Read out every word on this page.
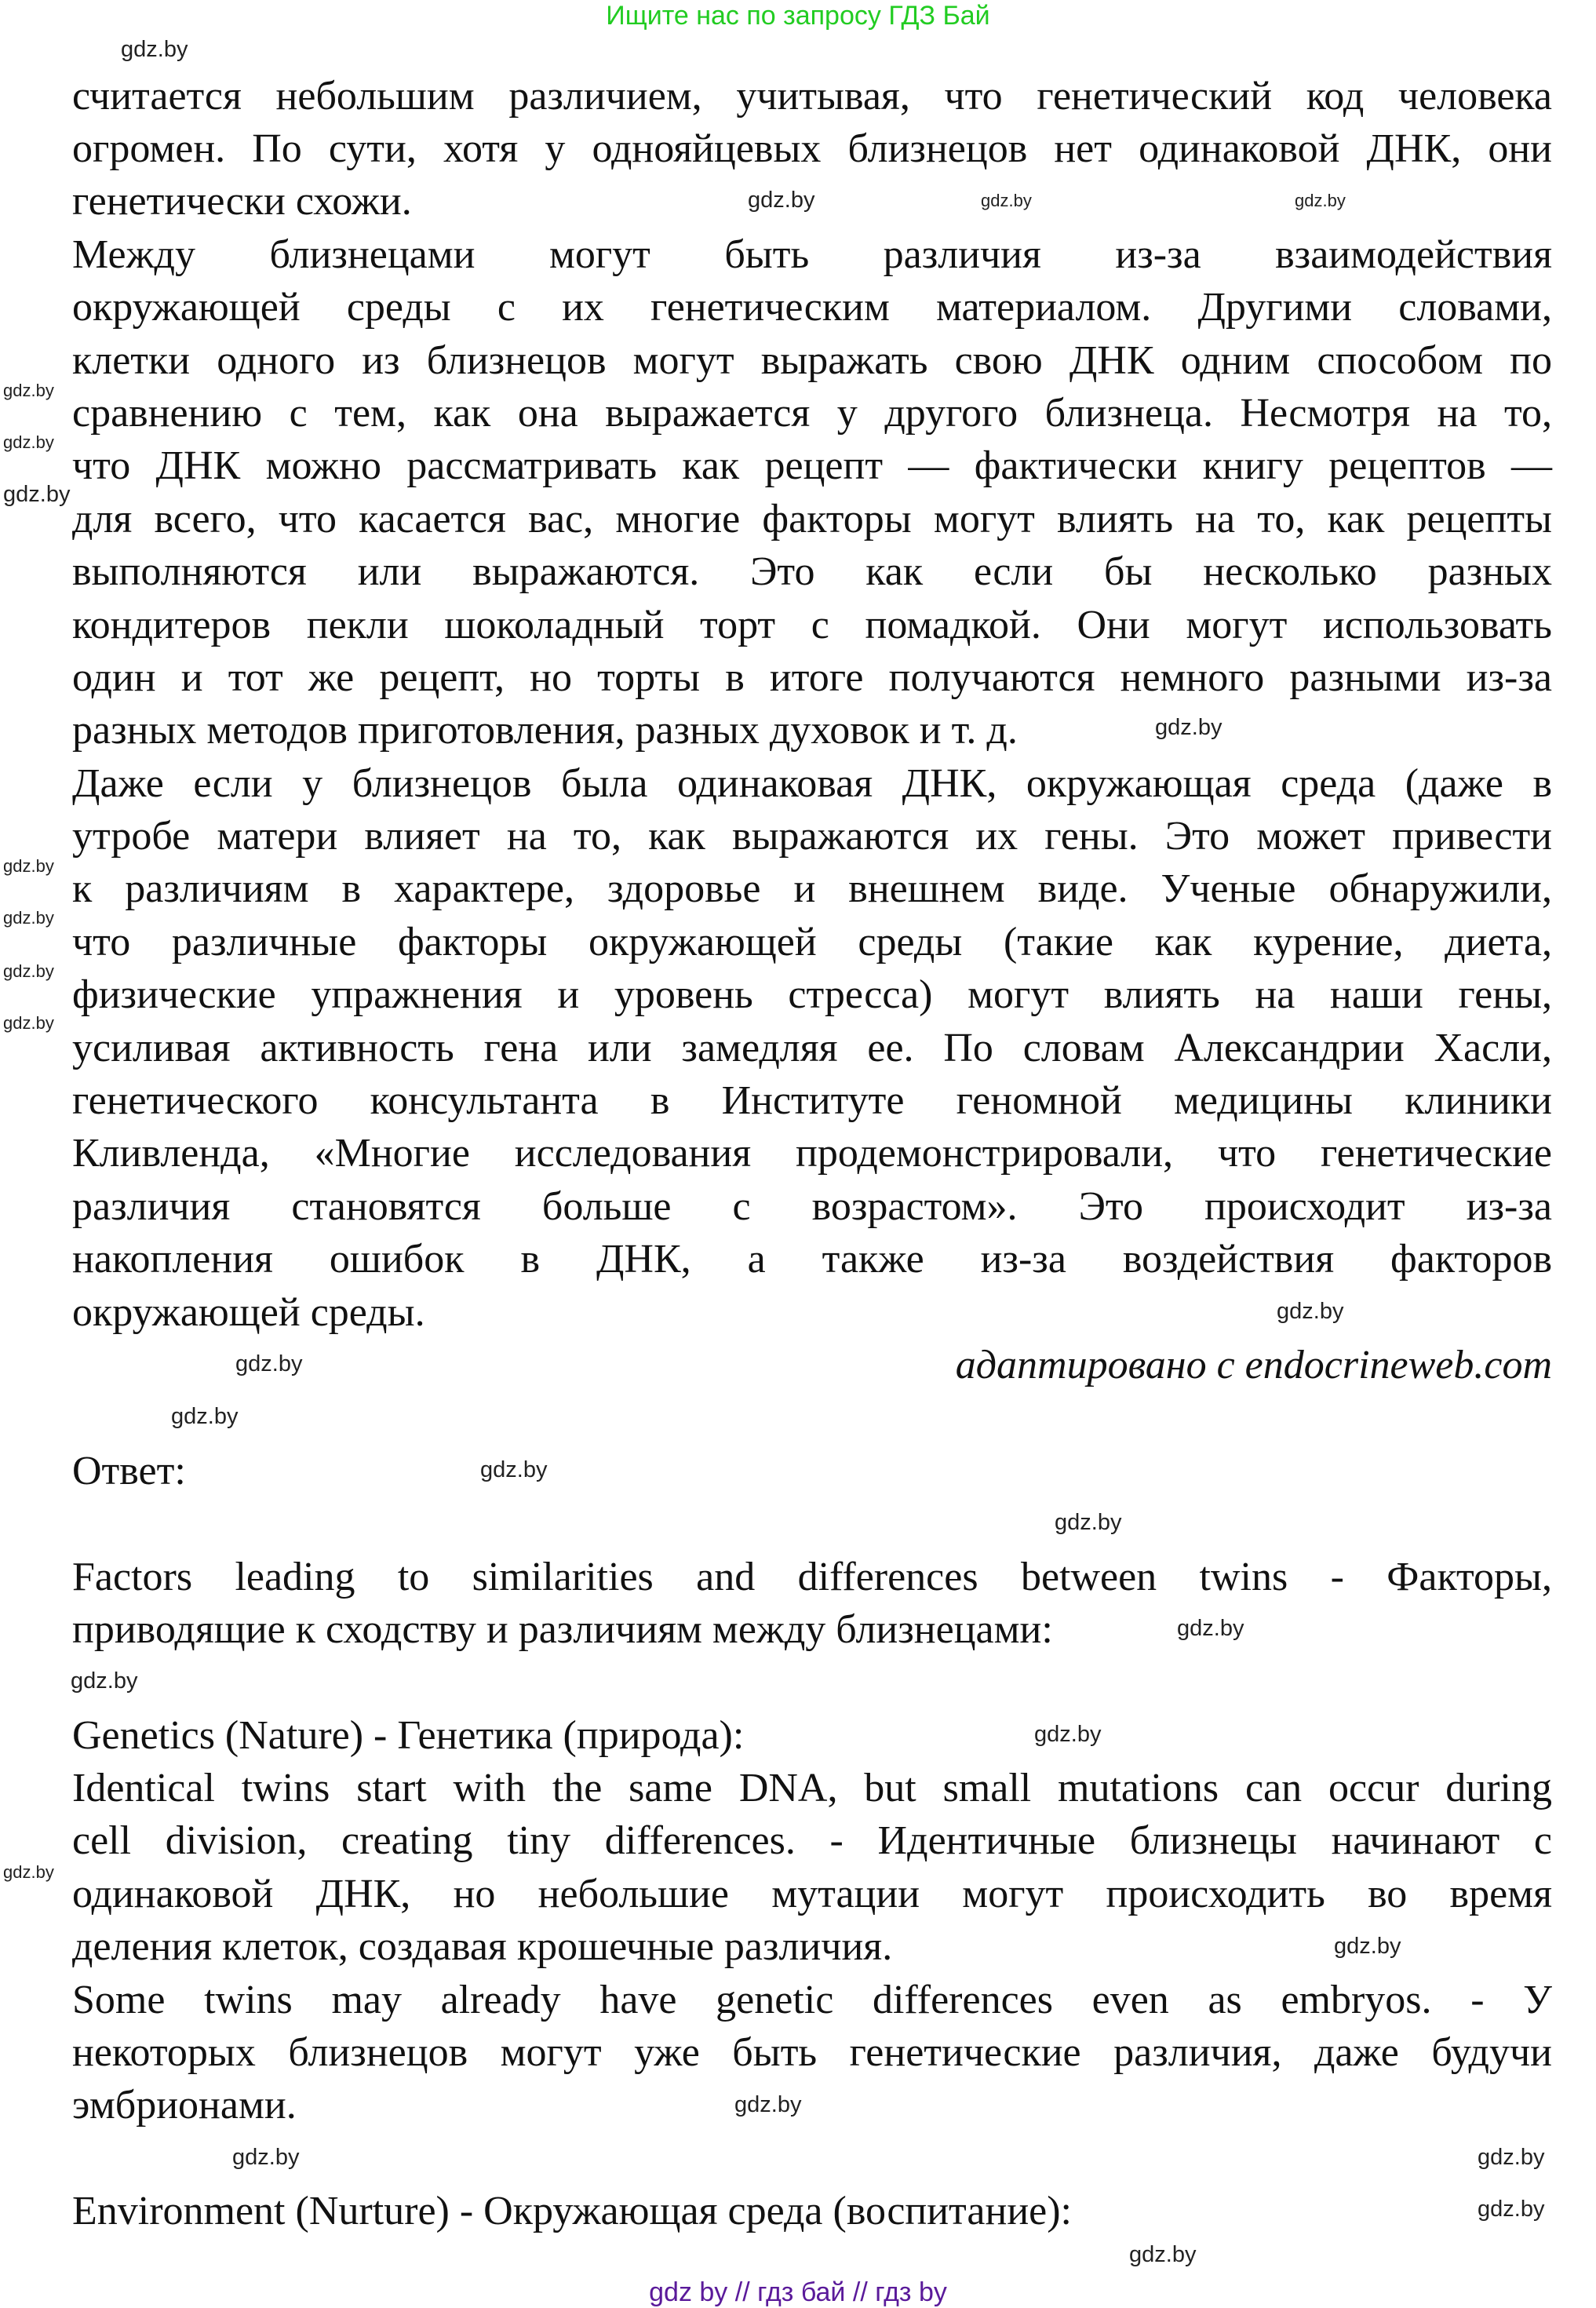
Ищите нас по запросу ГДЗ Бай
считается небольшим различием, учитывая, что генетический код человека
огромен. По сути, хотя у однояйцевых близнецов нет одинаковой ДНК, они
генетически схожи.
Между близнецами могут быть различия из-за взаимодействия
окружающей среды с их генетическим материалом. Другими словами,
клетки одного из близнецов могут выражать свою ДНК одним способом по
сравнению с тем, как она выражается у другого близнеца. Несмотря на то,
что ДНК можно рассматривать как рецепт — фактически книгу рецептов —
для всего, что касается вас, многие факторы могут влиять на то, как рецепты
выполняются или выражаются. Это как если бы несколько разных
кондитеров пекли шоколадный торт с помадкой. Они могут использовать
один и тот же рецепт, но торты в итоге получаются немного разными из-за
разных методов приготовления, разных духовок и т. д.
Даже если у близнецов была одинаковая ДНК, окружающая среда (даже в
утробе матери влияет на то, как выражаются их гены. Это может привести
к различиям в характере, здоровье и внешнем виде. Ученые обнаружили,
что различные факторы окружающей среды (такие как курение, диета,
физические упражнения и уровень стресса) могут влиять на наши гены,
усиливая активность гена или замедляя ее. По словам Александрии Хасли,
генетического консультанта в Институте геномной медицины клиники
Кливленда, «Многие исследования продемонстрировали, что генетические
различия становятся больше с возрастом». Это происходит из-за
накопления ошибок в ДНК, а также из-за воздействия факторов
окружающей среды.
адаптировано с endocrineweb.com
Ответ:
Factors leading to similarities and differences between twins - Факторы,
приводящие к сходству и различиям между близнецами:
Genetics (Nature) - Генетика (природа):
Identical twins start with the same DNA, but small mutations can occur during
cell division, creating tiny differences. - Идентичные близнецы начинают с
одинаковой ДНК, но небольшие мутации могут происходить во время
деления клеток, создавая крошечные различия.
Some twins may already have genetic differences even as embryos. - У
некоторых близнецов могут уже быть генетические различия, даже будучи
эмбрионами.
Environment (Nurture) - Окружающая среда (воспитание):
gdz.by
gdz.by	gdz.by	gdz.by
gdz.by
gdz.by
gdz.by
gdz.by
gdz.by
gdz.by
gdz.by
gdz.by
gdz.by
gdz.by
gdz.by
gdz.by
gdz.by
gdz.by
gdz.by
gdz.by
gdz.by
gdz.by
gdz.by
gdz.by	gdz.by
gdz.by
gdz.by
gdz by // гдз бай // гдз by
